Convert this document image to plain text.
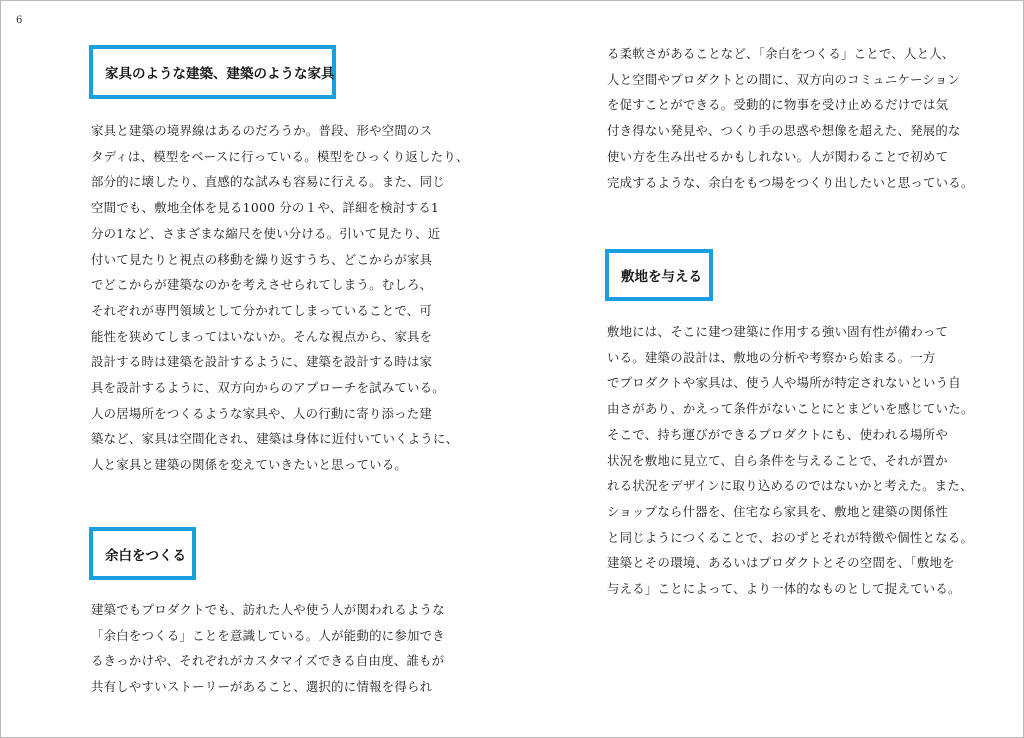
6
家具のような建築、建築のような家具
家具と建築の境界線はあるのだろうか。普段、形や空間のス
タディは、模型をベースに行っている。模型をひっくり返したり、
部分的に壊したり、直感的な試みも容易に行える。また、同じ
空間でも、敷地全体を見る1000 分の１や、詳細を検討する1
分の1など、さまざまな縮尺を使い分ける。引いて見たり、近
付いて見たりと視点の移動を繰り返すうち、どこからが家具
でどこからが建築なのかを考えさせられてしまう。むしろ、
それぞれが専門領域として分かれてしまっていることで、可
能性を狭めてしまってはいないか。そんな視点から、家具を
設計する時は建築を設計するように、建築を設計する時は家
具を設計するように、双方向からのアプローチを試みている。
人の居場所をつくるような家具や、人の行動に寄り添った建
築など、家具は空間化され、建築は身体に近付いていくように、
人と家具と建築の関係を変えていきたいと思っている。
余白をつくる
建築でもプロダクトでも、訪れた人や使う人が関われるような
「余白をつくる」ことを意識している。人が能動的に参加でき
るきっかけや、それぞれがカスタマイズできる自由度、誰もが
共有しやすいストーリーがあること、選択的に情報を得られ
る柔軟さがあることなど、「余白をつくる」ことで、人と人、
人と空間やプロダクトとの間に、双方向のコミュニケーション
を促すことができる。受動的に物事を受け止めるだけでは気
付き得ない発見や、つくり手の思惑や想像を超えた、発展的な
使い方を生み出せるかもしれない。人が関わることで初めて
完成するような、余白をもつ場をつくり出したいと思っている。
敷地を与える
敷地には、そこに建つ建築に作用する強い固有性が備わって
いる。建築の設計は、敷地の分析や考察から始まる。一方
でプロダクトや家具は、使う人や場所が特定されないという自
由さがあり、かえって条件がないことにとまどいを感じていた。
そこで、持ち運びができるプロダクトにも、使われる場所や
状況を敷地に見立て、自ら条件を与えることで、それが置か
れる状況をデザインに取り込めるのではないかと考えた。また、
ショップなら什器を、住宅なら家具を、敷地と建築の関係性
と同じようにつくることで、おのずとそれが特徴や個性となる。
建築とその環境、あるいはプロダクトとその空間を、「敷地を
与える」ことによって、より一体的なものとして捉えている。
